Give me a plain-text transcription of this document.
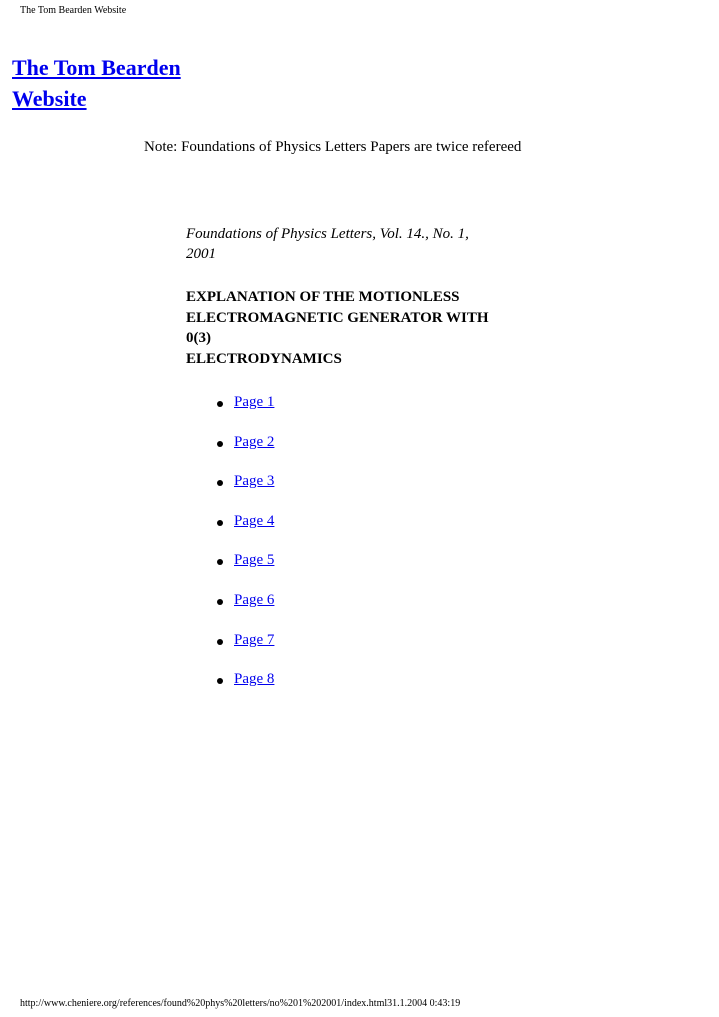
The Tom Bearden Website
The Tom Bearden
Website
Note: Foundations of Physics Letters Papers are twice refereed
Foundations of Physics Letters, Vol. 14., No. 1,
2001
EXPLANATION OF THE MOTIONLESS
ELECTROMAGNETIC GENERATOR WITH
0(3)
ELECTRODYNAMICS
Page 1
Page 2
Page 3
Page 4
Page 5
Page 6
Page 7
Page 8
http://www.cheniere.org/references/found%20phys%20letters/no%201%202001/index.html31.1.2004 0:43:19
